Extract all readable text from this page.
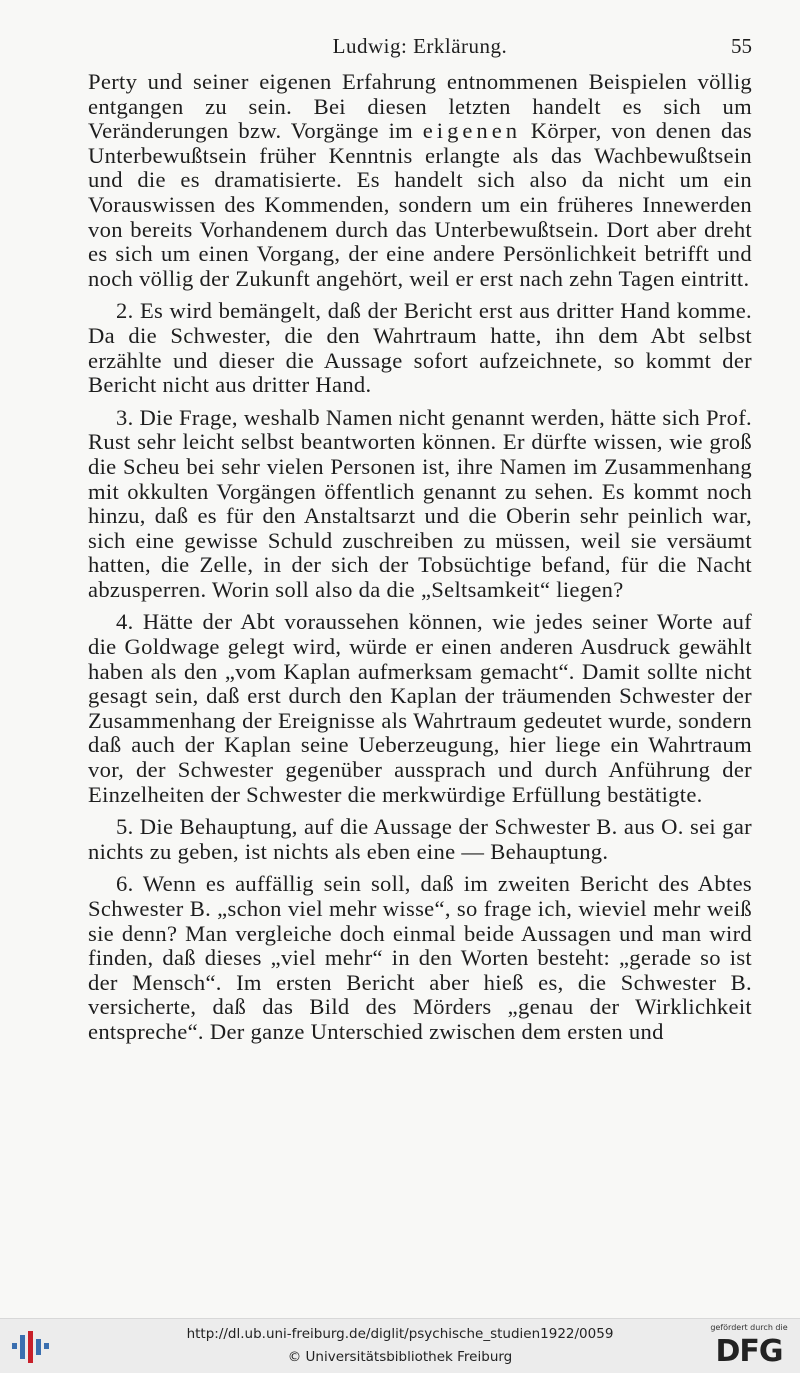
Ludwig: Erklärung.	55

Perty und seiner eigenen Erfahrung entnommenen Beispielen völlig entgangen zu sein. Bei diesen letzten handelt es sich um Veränderungen bzw. Vorgänge im eigenen Körper, von denen das Unterbewußtsein früher Kenntnis erlangte als das Wachbewußtsein und die es dramatisierte. Es handelt sich also da nicht um ein Vorauswissen des Kommenden, sondern um ein früheres Innewerden von bereits Vorhandenem durch das Unterbewußtsein. Dort aber dreht es sich um einen Vorgang, der eine andere Persönlichkeit betrifft und noch völlig der Zukunft angehört, weil er erst nach zehn Tagen eintritt.

2. Es wird bemängelt, daß der Bericht erst aus dritter Hand komme. Da die Schwester, die den Wahrtraum hatte, ihn dem Abt selbst erzählte und dieser die Aussage sofort aufzeichnete, so kommt der Bericht nicht aus dritter Hand.

3. Die Frage, weshalb Namen nicht genannt werden, hätte sich Prof. Rust sehr leicht selbst beantworten können. Er dürfte wissen, wie groß die Scheu bei sehr vielen Personen ist, ihre Namen im Zusammenhang mit okkulten Vorgängen öffentlich genannt zu sehen. Es kommt noch hinzu, daß es für den Anstaltsarzt und die Oberin sehr peinlich war, sich eine gewisse Schuld zuschreiben zu müssen, weil sie versäumt hatten, die Zelle, in der sich der Tobsüchtige befand, für die Nacht abzusperren. Worin soll also da die „Seltsamkeit“ liegen?

4. Hätte der Abt voraussehen können, wie jedes seiner Worte auf die Goldwage gelegt wird, würde er einen anderen Ausdruck gewählt haben als den „vom Kaplan aufmerksam gemacht“. Damit sollte nicht gesagt sein, daß erst durch den Kaplan der träumenden Schwester der Zusammenhang der Ereignisse als Wahrtraum gedeutet wurde, sondern daß auch der Kaplan seine Ueberzeugung, hier liege ein Wahrtraum vor, der Schwester gegenüber aussprach und durch Anführung der Einzelheiten der Schwester die merkwürdige Erfüllung bestätigte.

5. Die Behauptung, auf die Aussage der Schwester B. aus O. sei gar nichts zu geben, ist nichts als eben eine — Behauptung.

6. Wenn es auffällig sein soll, daß im zweiten Bericht des Abtes Schwester B. „schon viel mehr wisse“, so frage ich, wieviel mehr weiß sie denn? Man vergleiche doch einmal beide Aussagen und man wird finden, daß dieses „viel mehr“ in den Worten besteht: „gerade so ist der Mensch“. Im ersten Bericht aber hieß es, die Schwester B. versicherte, daß das Bild des Mörders „genau der Wirklichkeit entspreche“. Der ganze Unterschied zwischen dem ersten und

http://dl.ub.uni-freiburg.de/diglit/psychische_studien1922/0059
© Universitätsbibliothek Freiburg
gefördert durch die
DFG
